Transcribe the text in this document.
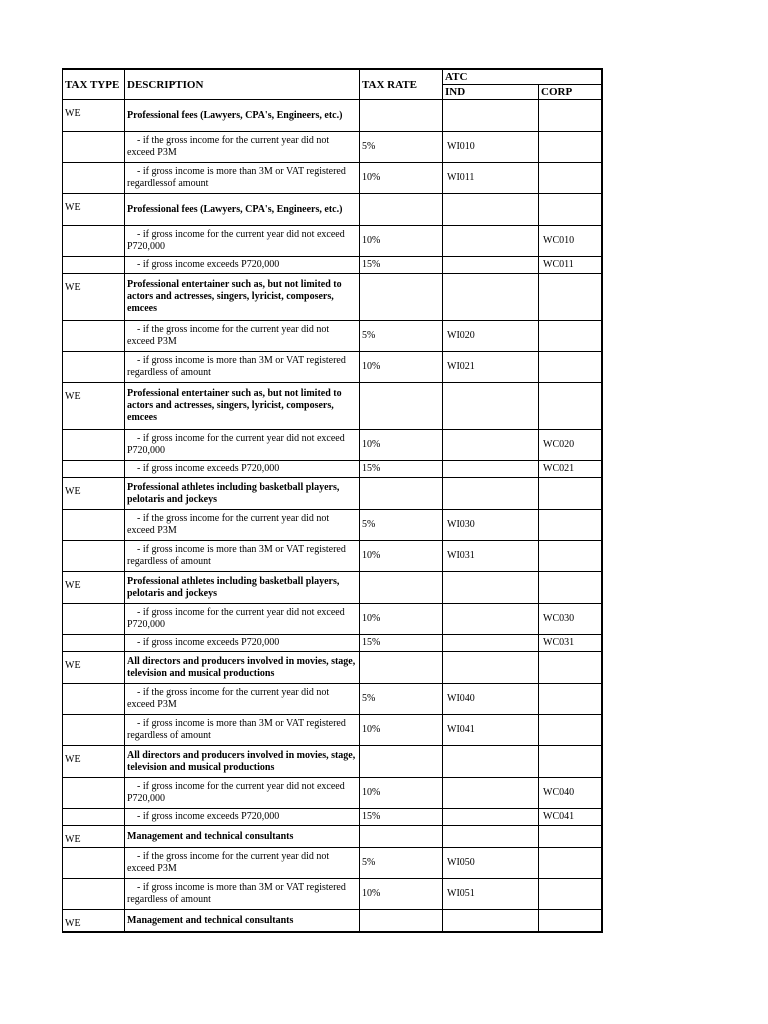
TAX TYPE	DESCRIPTION	TAX RATE	ATC	
			IND	CORP
WE	Professional fees (Lawyers, CPA's, Engineers, etc.)			
	- if the gross income for the current year did not exceed P3M	5%	WI010	
	- if gross income is more than 3M or VAT registered regardlessof amount	10%	WI011	
WE	Professional fees (Lawyers, CPA's, Engineers, etc.)			
	- if gross income for the current year did not exceed P720,000	10%		WC010
	- if gross income exceeds P720,000	15%		WC011
WE	Professional entertainer such as, but not limited to actors and actresses, singers, lyricist, composers, emcees			
	- if the gross income for the current year did not exceed P3M	5%	WI020	
	- if gross income is more than 3M or VAT registered regardless of amount	10%	WI021	
WE	Professional entertainer such as, but not limited to actors and actresses, singers, lyricist, composers, emcees			
	- if gross income for the current year did not exceed P720,000	10%		WC020
	- if gross income exceeds P720,000	15%		WC021
WE	Professional athletes including basketball players, pelotaris and jockeys			
	- if the gross income for the current year did not exceed P3M	5%	WI030	
	- if gross income is more than 3M or VAT registered regardless of amount	10%	WI031	
WE	Professional athletes including basketball players, pelotaris and jockeys			
	- if gross income for the current year did not exceed P720,000	10%		WC030
	- if gross income exceeds P720,000	15%		WC031
WE	All directors and producers involved in movies, stage, television and musical productions			
	- if the gross income for the current year did not exceed P3M	5%	WI040	
	- if gross income is more than 3M or VAT registered regardless of amount	10%	WI041	
WE	All directors and producers involved in movies, stage, television and musical productions			
	- if gross income for the current year did not exceed P720,000	10%		WC040
	- if gross income exceeds P720,000	15%		WC041
WE	Management and technical consultants			
	- if the gross income for the current year did not exceed P3M	5%	WI050	
	- if gross income is more than 3M or VAT registered regardless of amount	10%	WI051	
WE	Management and technical consultants			
